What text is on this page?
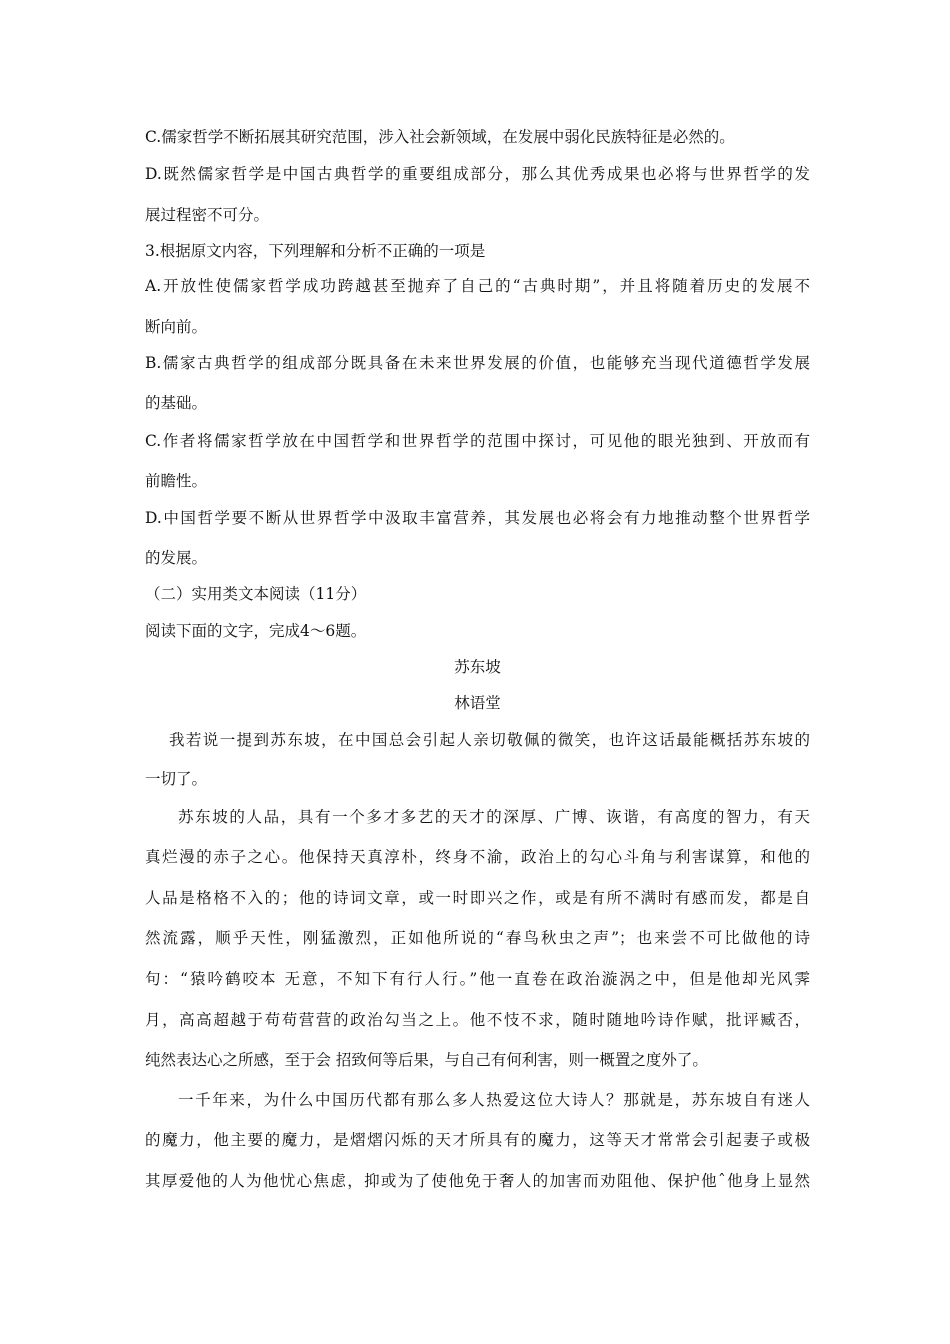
C.儒家哲学不断拓展其研究范围，涉入社会新领域，在发展中弱化民族特征是必然的。
D.既然儒家哲学是中国古典哲学的重要组成部分，那么其优秀成果也必将与世界哲学的发
展过程密不可分。
3.根据原文内容，下列理解和分析不正确的一项是
A.开放性使儒家哲学成功跨越甚至抛弃了自己的“古典时期”，并且将随着历史的发展不
断向前。
B.儒家古典哲学的组成部分既具备在未来世界发展的价值，也能够充当现代道德哲学发展
的基础。
C.作者将儒家哲学放在中国哲学和世界哲学的范围中探讨，可见他的眼光独到、开放而有
前瞻性。
D.中国哲学要不断从世界哲学中汲取丰富营养，其发展也必将会有力地推动整个世界哲学
的发展。
（二）实用类文本阅读（11分）
阅读下面的文字，完成4〜6题。
苏东坡
林语堂
我若说一提到苏东坡，在中国总会引起人亲切敬佩的微笑，也许这话最能概括苏东坡的
一切了。
苏东坡的人品，具有一个多才多艺的天才的深厚、广博、诙谐，有高度的智力，有天
真烂漫的赤子之心。他保持天真淳朴，终身不渝，政治上的勾心斗角与利害谋算，和他的
人品是格格不入的；他的诗词文章，或一时即兴之作，或是有所不满时有感而发，都是自
然流露，顺乎天性，刚猛激烈，正如他所说的“春鸟秋虫之声”；也来尝不可比做他的诗
句：“猿吟鹤咬本 无意，不知下有行人行。”他一直卷在政治漩涡之中，但是他却光风霁
月，高高超越于苟苟营营的政治勾当之上。他不忮不求，随时随地吟诗作赋，批评臧否，
纯然表达心之所感，至于会 招致何等后果，与自己有何利害，则一概置之度外了。
一千年来，为什么中国历代都有那么多人热爱这位大诗人？那就是，苏东坡自有迷人
的魔力，他主要的魔力，是熠熠闪烁的天才所具有的魔力，这等天才常常会引起妻子或极
其厚爱他的人为他忧心焦虑，抑或为了使他免于奢人的加害而劝阻他、保护他ˆ他身上显然
